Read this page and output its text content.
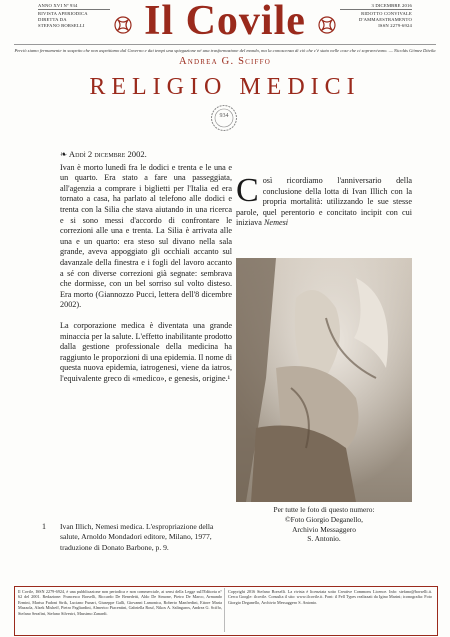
ANNO XVI Nº 934
RIVISTA APERIODICA
DIRETTA DA
STEFANO BORSELLI	Il Covile	3 DICEMBRE 2016
RIDOTTO CONVIVALE
D'AMMAESTRAMENTO
ISSN 2279-6924
Perciò siamo fermamente in sospetto che non aspettiamo dal Governo e dai tempi una spiegazione né una trasformazione del mondo, ma la conoscenza di ciò che c'è stato nelle cose che ci sopravvivano. — Nicolás Gómez Dávila
Andrea G. Sciffo
RELIGIO MEDICI
934
❧ Addì 2 dicembre 2002.

Ivan è morto lunedì fra le dodici e trenta e le una e un quarto. Era stato a fare una passeggiata, all'agenzia a comprare i biglietti per l'Italia ed era tornato a casa, ha parlato al telefono alle dodici e trenta con la Silia che stava aiutando in una ricerca e si sono messi d'accordo di confrontare le correzioni alle una e trenta. La Silia è arrivata alle una e un quarto: era steso sul divano nella sala grande, aveva appoggiato gli occhiali accanto sul davanzale della finestra e i fogli del lavoro accanto a sé con diverse correzioni già segnate: sembrava che dormisse, con un bel sorriso sul volto disteso. Era morto (Giannozzo Pucci, lettera dell'8 dicembre 2002).

La corporazione medica è diventata una grande minaccia per la salute. L'effetto inabilitante prodotto dalla gestione professionale della medicina ha raggiunto le proporzioni di una epidemia. Il nome di questa nuova epidemia, iatrogenesi, viene da iatros, l'equivalente greco di «medico», e genesis, origine.¹

1 Ivan Illich, Nemesi medica. L'espropriazione della salute, Arnoldo Mondadori editore, Milano, 1977, traduzione di Donato Barbone, p. 9.
Così ricordiamo l'anniversario della conclusione della lotta di Ivan Illich con la propria mortalità: utilizzando le sue stesse parole, quel perentorio e concitato incipit con cui iniziava Nemesi
Per tutte le foto di questo numero:
©Foto Giorgio Deganello,
Archivio Messaggero
S. Antonio.
Il Covile, ISSN 2279-6924, è una pubblicazione non periodica e non commerciale, ai sensi della Legge sull'Editoria n° 62 del 2001. Redazione: Francesco Borselli, Riccardo De Benedetti, Aldo De Simone, Pietro De Marco, Armando Ermini, Marisa Fadoni Strik, Luciano Funari, Giuseppe Galli, Giovanni Lamonica, Roberto Manfredini, Ettore Maria Mazzola, Alzek Misheff, Pietro Pagliardini, Almerico Piacentini, Gabriella Rouf, Nikos A. Salingaros, Andrea G. Sciffo, Stefano Serafini, Stefano Silvestri, Massimo Zanardi.
Copyright 2016 Stefano Borselli. La rivista è licenziata sotto Creative Commons Licence. Info: stefano@borselli.it. Cerca Google: ilcovile. Consulta il sito: www.ilcovile.it. Font: il Fell Types realizzati da Igino Marini; iconografia: Foto Giorgio Deganello, Archivio Messaggero S. Antonio.
